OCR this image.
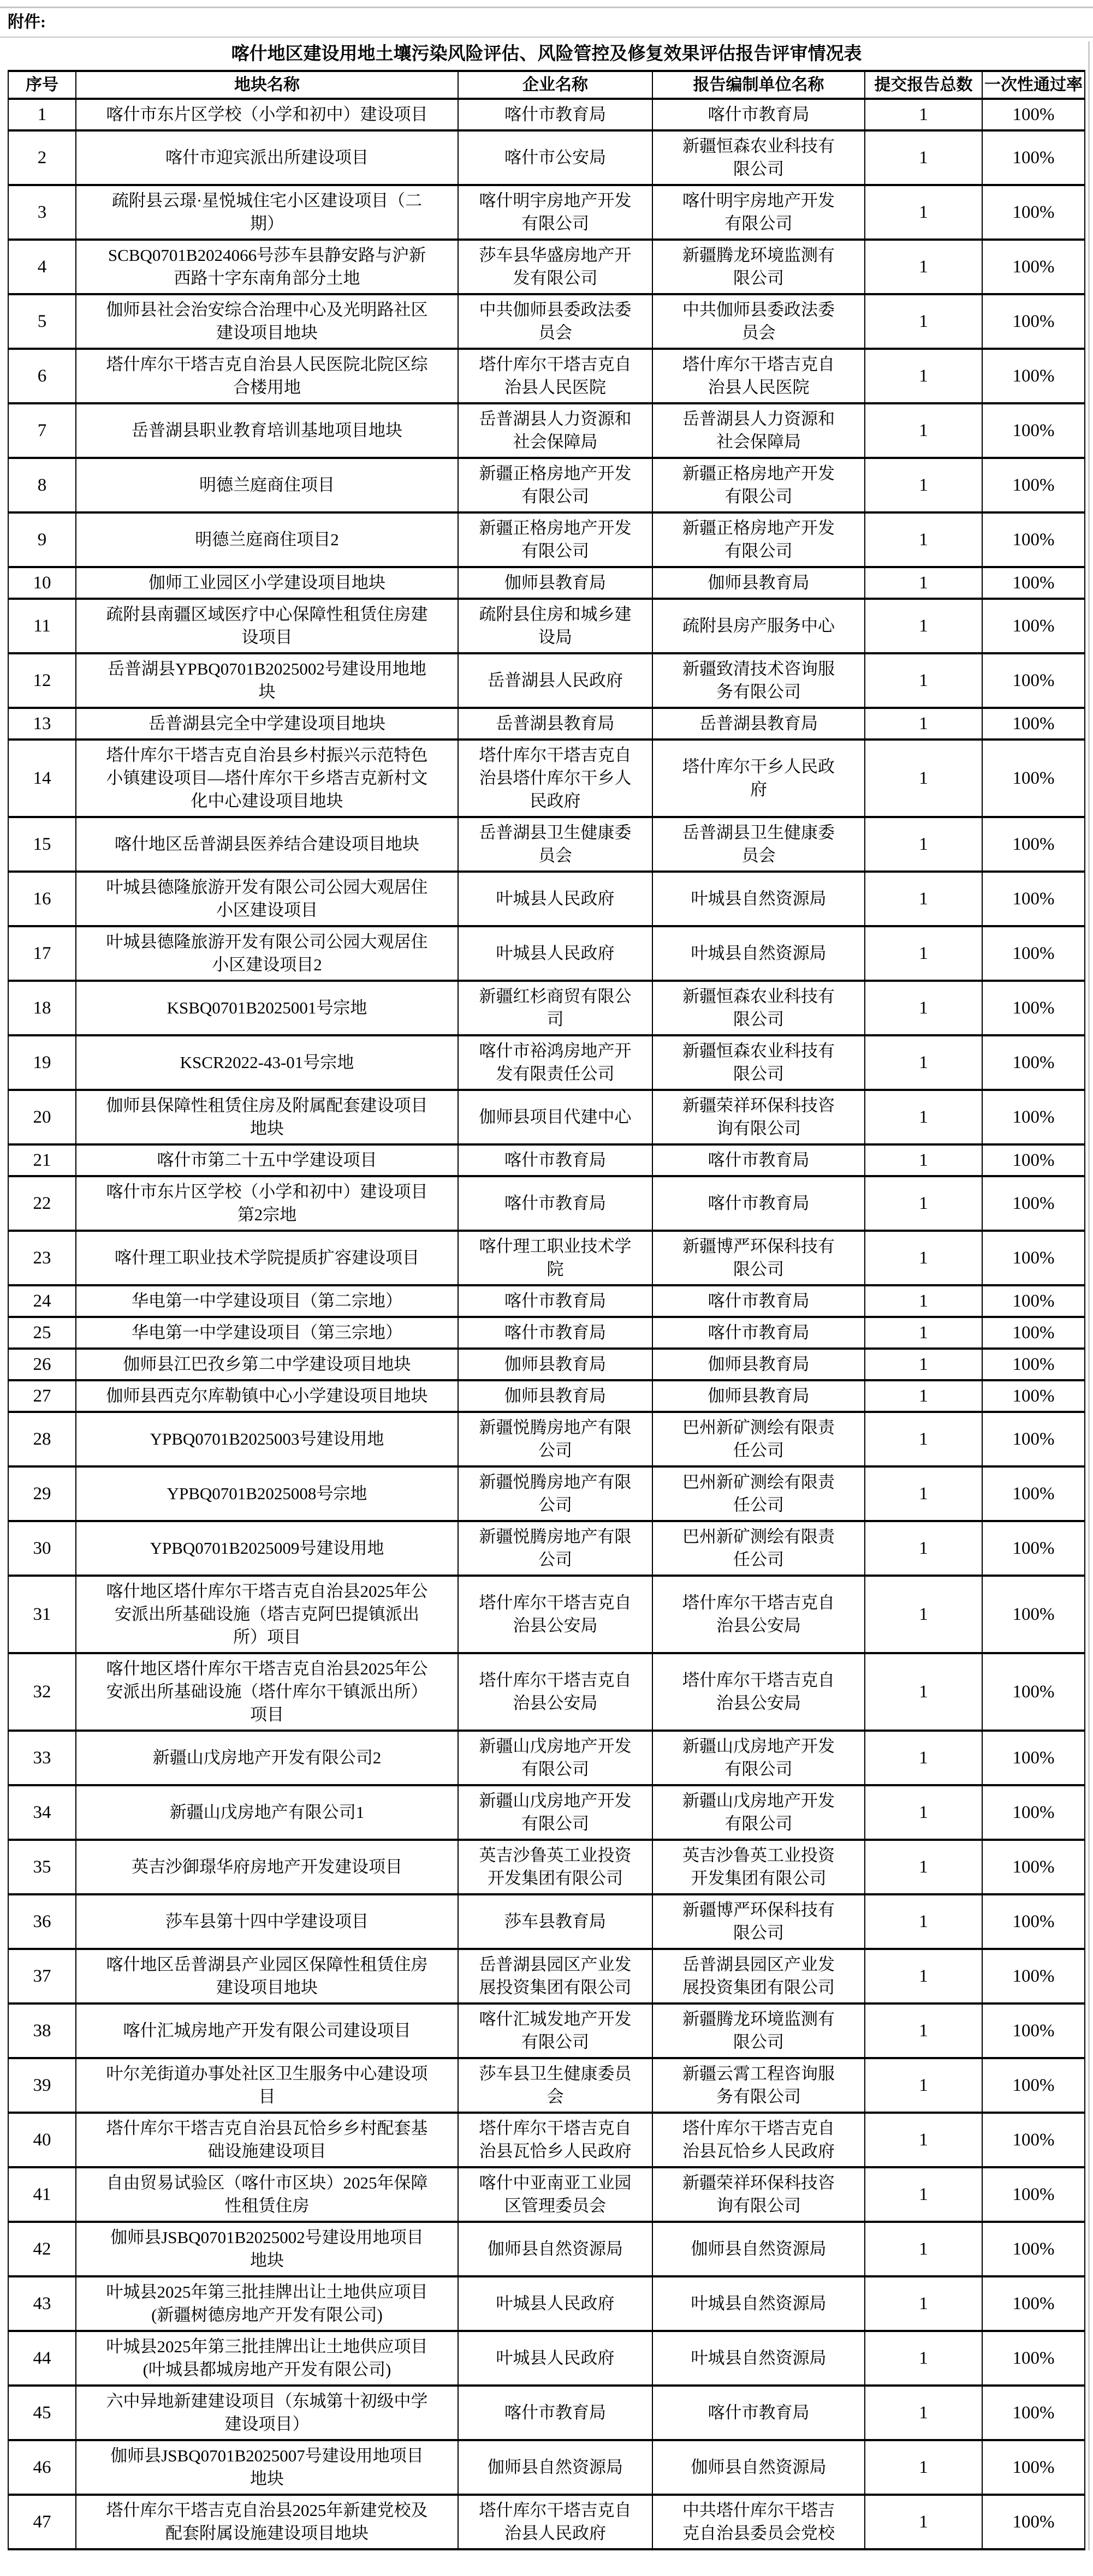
附件:
喀什地区建设用地土壤污染风险评估、风险管控及修复效果评估报告评审情况表
序号	地块名称	企业名称	报告编制单位名称	提交报告总数	一次性通过率
1	喀什市东片区学校（小学和初中）建设项目	喀什市教育局	喀什市教育局	1	100%
2	喀什市迎宾派出所建设项目	喀什市公安局	新疆恒森农业科技有限公司	1	100%
3	疏附县云璟·星悦城住宅小区建设项目（二期）	喀什明宇房地产开发有限公司	喀什明宇房地产开发有限公司	1	100%
4	SCBQ0701B2024066号莎车县静安路与沪新西路十字东南角部分土地	莎车县华盛房地产开发有限公司	新疆腾龙环境监测有限公司	1	100%
5	伽师县社会治安综合治理中心及光明路社区建设项目地块	中共伽师县委政法委员会	中共伽师县委政法委员会	1	100%
6	塔什库尔干塔吉克自治县人民医院北院区综合楼用地	塔什库尔干塔吉克自治县人民医院	塔什库尔干塔吉克自治县人民医院	1	100%
7	岳普湖县职业教育培训基地项目地块	岳普湖县人力资源和社会保障局	岳普湖县人力资源和社会保障局	1	100%
8	明德兰庭商住项目	新疆正格房地产开发有限公司	新疆正格房地产开发有限公司	1	100%
9	明德兰庭商住项目2	新疆正格房地产开发有限公司	新疆正格房地产开发有限公司	1	100%
10	伽师工业园区小学建设项目地块	伽师县教育局	伽师县教育局	1	100%
11	疏附县南疆区域医疗中心保障性租赁住房建设项目	疏附县住房和城乡建设局	疏附县房产服务中心	1	100%
12	岳普湖县YPBQ0701B2025002号建设用地地块	岳普湖县人民政府	新疆致清技术咨询服务有限公司	1	100%
13	岳普湖县完全中学建设项目地块	岳普湖县教育局	岳普湖县教育局	1	100%
14	塔什库尔干塔吉克自治县乡村振兴示范特色小镇建设项目—塔什库尔干乡塔吉克新村文化中心建设项目地块	塔什库尔干塔吉克自治县塔什库尔干乡人民政府	塔什库尔干乡人民政府	1	100%
15	喀什地区岳普湖县医养结合建设项目地块	岳普湖县卫生健康委员会	岳普湖县卫生健康委员会	1	100%
16	叶城县德隆旅游开发有限公司公园大观居住小区建设项目	叶城县人民政府	叶城县自然资源局	1	100%
17	叶城县德隆旅游开发有限公司公园大观居住小区建设项目2	叶城县人民政府	叶城县自然资源局	1	100%
18	KSBQ0701B2025001号宗地	新疆红杉商贸有限公司	新疆恒森农业科技有限公司	1	100%
19	KSCR2022-43-01号宗地	喀什市裕鸿房地产开发有限责任公司	新疆恒森农业科技有限公司	1	100%
20	伽师县保障性租赁住房及附属配套建设项目地块	伽师县项目代建中心	新疆荣祥环保科技咨询有限公司	1	100%
21	喀什市第二十五中学建设项目	喀什市教育局	喀什市教育局	1	100%
22	喀什市东片区学校（小学和初中）建设项目第2宗地	喀什市教育局	喀什市教育局	1	100%
23	喀什理工职业技术学院提质扩容建设项目	喀什理工职业技术学院	新疆博严环保科技有限公司	1	100%
24	华电第一中学建设项目（第二宗地）	喀什市教育局	喀什市教育局	1	100%
25	华电第一中学建设项目（第三宗地）	喀什市教育局	喀什市教育局	1	100%
26	伽师县江巴孜乡第二中学建设项目地块	伽师县教育局	伽师县教育局	1	100%
27	伽师县西克尔库勒镇中心小学建设项目地块	伽师县教育局	伽师县教育局	1	100%
28	YPBQ0701B2025003号建设用地	新疆悦腾房地产有限公司	巴州新矿测绘有限责任公司	1	100%
29	YPBQ0701B2025008号宗地	新疆悦腾房地产有限公司	巴州新矿测绘有限责任公司	1	100%
30	YPBQ0701B2025009号建设用地	新疆悦腾房地产有限公司	巴州新矿测绘有限责任公司	1	100%
31	喀什地区塔什库尔干塔吉克自治县2025年公安派出所基础设施（塔吉克阿巴提镇派出所）项目	塔什库尔干塔吉克自治县公安局	塔什库尔干塔吉克自治县公安局	1	100%
32	喀什地区塔什库尔干塔吉克自治县2025年公安派出所基础设施（塔什库尔干镇派出所）项目	塔什库尔干塔吉克自治县公安局	塔什库尔干塔吉克自治县公安局	1	100%
33	新疆山戊房地产开发有限公司2	新疆山戊房地产开发有限公司	新疆山戊房地产开发有限公司	1	100%
34	新疆山戊房地产有限公司1	新疆山戊房地产开发有限公司	新疆山戊房地产开发有限公司	1	100%
35	英吉沙御璟华府房地产开发建设项目	英吉沙鲁英工业投资开发集团有限公司	英吉沙鲁英工业投资开发集团有限公司	1	100%
36	莎车县第十四中学建设项目	莎车县教育局	新疆博严环保科技有限公司	1	100%
37	喀什地区岳普湖县产业园区保障性租赁住房建设项目地块	岳普湖县园区产业发展投资集团有限公司	岳普湖县园区产业发展投资集团有限公司	1	100%
38	喀什汇城房地产开发有限公司建设项目	喀什汇城发地产开发有限公司	新疆腾龙环境监测有限公司	1	100%
39	叶尔羌街道办事处社区卫生服务中心建设项目	莎车县卫生健康委员会	新疆云霄工程咨询服务有限公司	1	100%
40	塔什库尔干塔吉克自治县瓦恰乡乡村配套基础设施建设项目	塔什库尔干塔吉克自治县瓦恰乡人民政府	塔什库尔干塔吉克自治县瓦恰乡人民政府	1	100%
41	自由贸易试验区（喀什市区块）2025年保障性租赁住房	喀什中亚南亚工业园区管理委员会	新疆荣祥环保科技咨询有限公司	1	100%
42	伽师县JSBQ0701B2025002号建设用地项目地块	伽师县自然资源局	伽师县自然资源局	1	100%
43	叶城县2025年第三批挂牌出让土地供应项目(新疆树德房地产开发有限公司)	叶城县人民政府	叶城县自然资源局	1	100%
44	叶城县2025年第三批挂牌出让土地供应项目(叶城县都城房地产开发有限公司)	叶城县人民政府	叶城县自然资源局	1	100%
45	六中异地新建建设项目（东城第十初级中学建设项目）	喀什市教育局	喀什市教育局	1	100%
46	伽师县JSBQ0701B2025007号建设用地项目地块	伽师县自然资源局	伽师县自然资源局	1	100%
47	塔什库尔干塔吉克自治县2025年新建党校及配套附属设施建设项目地块	塔什库尔干塔吉克自治县人民政府	中共塔什库尔干塔吉克自治县委员会党校	1	100%
